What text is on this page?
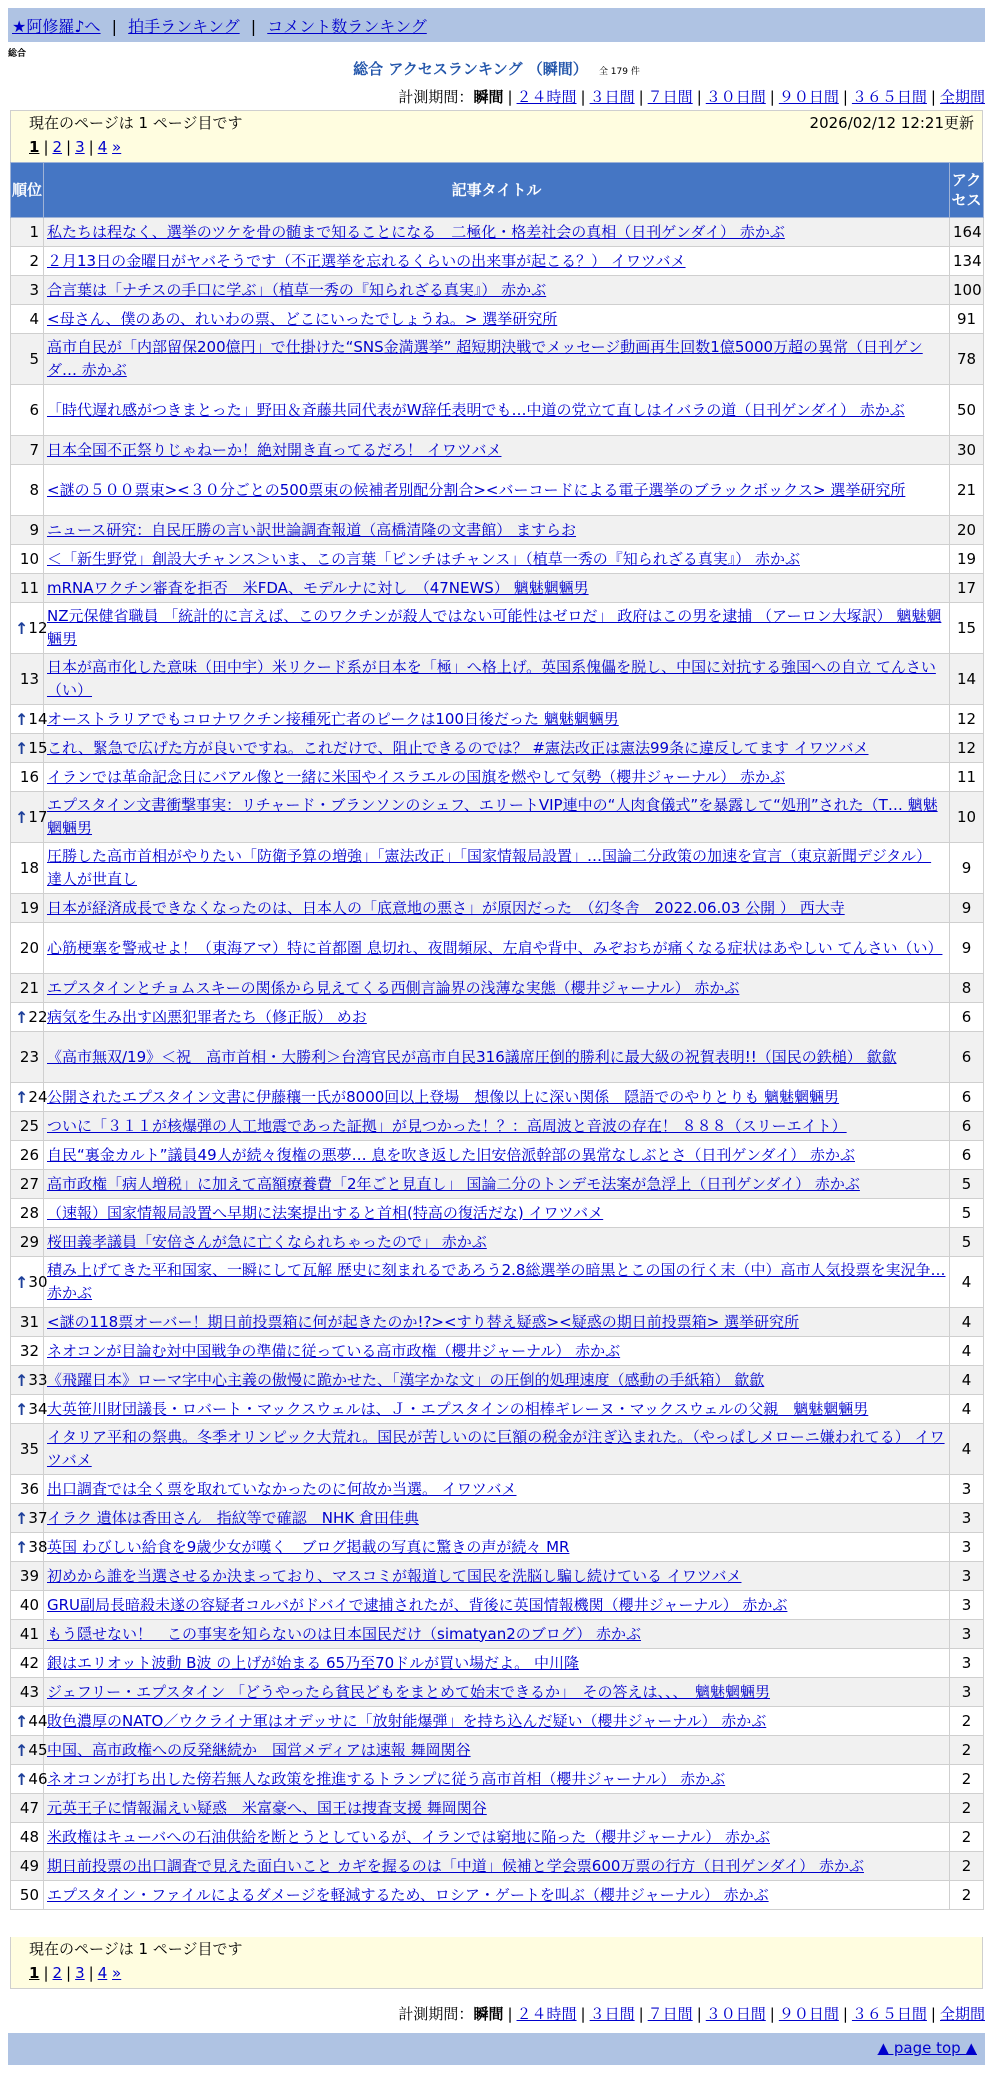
★阿修羅♪へ | 拍手ランキング | コメント数ランキング
総合
総合 アクセスランキング （瞬間） 全 179 件
計測期間：瞬間 | ２４時間 | ３日間 | ７日間 | ３０日間 | ９０日間 | ３６５日間 | 全期間
現在のページは 1 ページ目です	2026/02/12 12:21更新
1 | 2 | 3 | 4 »
順位	記事タイトル	アクセス
1	私たちは程なく、選挙のツケを骨の髄まで知ることになる　二極化・格差社会の真相（日刊ゲンダイ） 赤かぶ	164
2	２月13日の金曜日がヤバそうです（不正選挙を忘れるくらいの出来事が起こる？） イワツバメ	134
3	合言葉は「ナチスの手口に学ぶ」（植草一秀の『知られざる真実』） 赤かぶ	100
4	<母さん、僕のあの、れいわの票、どこにいったでしょうね。> 選挙研究所	91
5	高市自民が「内部留保200億円」で仕掛けた“SNS金満選挙” 超短期決戦でメッセージ動画再生回数1億5000万超の異常（日刊ゲンダ… 赤かぶ	78
6	「時代遅れ感がつきまとった」野田＆斉藤共同代表がW辞任表明でも…中道の党立て直しはイバラの道（日刊ゲンダイ） 赤かぶ	50
7	日本全国不正祭りじゃねーか！絶対開き直ってるだろ！ イワツバメ	30
8	<謎の５００票束><３０分ごとの500票束の候補者別配分割合><バーコードによる電子選挙のブラックボックス> 選挙研究所	21
9	ニュース研究：自民圧勝の言い訳世論調査報道（高橋清隆の文書館） ますらお	20
10	＜「新生野党」創設大チャンス＞いま、この言葉「ピンチはチャンス」（植草一秀の『知られざる真実』） 赤かぶ	19
11	mRNAワクチン審査を拒否　米FDA、モデルナに対し　（47NEWS） 魑魅魍魎男	17

↑ 12	NZ元保健省職員 「統計的に言えば、このワクチンが殺人ではない可能性はゼロだ」 政府はこの男を逮捕 （アーロン大塚訳） 魑魅魍魎男	15
13	日本が高市化した意味（田中宇）米リクード系が日本を「極」へ格上げ。英国系傀儡を脱し、中国に対抗する強国への自立 てんさい（い）	14

↑ 14	オーストラリアでもコロナワクチン接種死亡者のピークは100日後だった 魑魅魍魎男	12

↑ 15	これ、緊急で広げた方が良いですね。これだけで、阻止できるのでは？ #憲法改正は憲法99条に違反してます イワツバメ	12
16	イランでは革命記念日にバアル像と一緒に米国やイスラエルの国旗を燃やして気勢（櫻井ジャーナル） 赤かぶ	11

↑ 17	エプスタイン文書衝撃事実：リチャード・ブランソンのシェフ、エリートVIP連中の“人肉食儀式”を暴露して“処刑”された（T… 魑魅魍魎男	10
18	圧勝した高市首相がやりたい「防衛予算の増強」「憲法改正」「国家情報局設置」…国論二分政策の加速を宣言（東京新聞デジタル） 達人が世直し	9
19	日本が経済成長できなくなったのは、日本人の「底意地の悪さ」が原因だった　（幻冬舎　2022.06.03 公開 ） 西大寺	9
20	心筋梗塞を警戒せよ！（東海アマ）特に首都圏 息切れ、夜間頻尿、左肩や背中、みぞおちが痛くなる症状はあやしい てんさい（い）	9
21	エプスタインとチョムスキーの関係から見えてくる西側言論界の浅薄な実態（櫻井ジャーナル） 赤かぶ	8

↑ 22	病気を生み出す凶悪犯罪者たち（修正版） めお	6
23	《高市無双/19》＜祝　高市首相・大勝利＞台湾官民が高市自民316議席圧倒的勝利に最大級の祝賀表明!!（国民の鉄槌） 歙歙	6

↑ 24	公開されたエプスタイン文書に伊藤穰一氏が8000回以上登場　想像以上に深い関係　隠語でのやりとりも 魑魅魍魎男	6
25	ついに「３１１が核爆弾の人工地震であった証拠」が見つかった！？：高周波と音波の存在！ ８８８（スリーエイト）	6
26	自民“裏金カルト”議員49人が続々復権の悪夢… 息を吹き返した旧安倍派幹部の異常なしぶとさ（日刊ゲンダイ） 赤かぶ	6
27	高市政権「病人増税」に加えて高額療養費「2年ごと見直し」 国論二分のトンデモ法案が急浮上（日刊ゲンダイ） 赤かぶ	5
28	（速報）国家情報局設置へ早期に法案提出すると首相(特高の復活だな) イワツバメ	5
29	桜田義孝議員「安倍さんが急に亡くなられちゃったので」 赤かぶ	5

↑ 30	積み上げてきた平和国家、一瞬にして瓦解 歴史に刻まれるであろう2.8総選挙の暗黒とこの国の行く末（中）高市人気投票を実況争… 赤かぶ	4
31	<謎の118票オーバー！期日前投票箱に何が起きたのか!?><すり替え疑惑><疑惑の期日前投票箱> 選挙研究所	4
32	ネオコンが目論む対中国戦争の準備に従っている高市政権（櫻井ジャーナル） 赤かぶ	4

↑ 33	《飛躍日本》ローマ字中心主義の傲慢に跪かせた、「漢字かな文」の圧倒的処理速度（感動の手紙箱） 歙歙	4

↑ 34	大英笹川財団議長・ロバート・マックスウェルは、Ｊ・エプスタインの相棒ギレーヌ・マックスウェルの父親　魑魅魍魎男	4
35	イタリア平和の祭典。冬季オリンピック大荒れ。国民が苦しいのに巨額の税金が注ぎ込まれた。（やっぱしメローニ嫌われてる） イワツバメ	4
36	出口調査では全く票を取れていなかったのに何故か当選。 イワツバメ	3

↑ 37	イラク 遺体は香田さん　指紋等で確認　NHK 倉田佳典	3

↑ 38	英国 わびしい給食を9歳少女が嘆く　ブログ掲載の写真に驚きの声が続々 MR	3
39	初めから誰を当選させるか決まっており、マスコミが報道して国民を洗脳し騙し続けている イワツバメ	3
40	GRU副局長暗殺未遂の容疑者コルバがドバイで逮捕されたが、背後に英国情報機関（櫻井ジャーナル） 赤かぶ	3
41	もう隠せない！　この事実を知らないのは日本国民だけ（simatyan2のブログ） 赤かぶ	3
42	銀はエリオット波動 B波 の上げが始まる 65乃至70ドルが買い場だよ。 中川隆	3
43	ジェフリー・エプスタイン 「どうやったら貧民どもをまとめて始末できるか」　その答えは、、、　魑魅魍魎男	3

↑ 44	敗色濃厚のNATO／ウクライナ軍はオデッサに「放射能爆弾」を持ち込んだ疑い（櫻井ジャーナル） 赤かぶ	2

↑ 45	中国、高市政権への反発継続か　国営メディアは速報 舞岡関谷	2

↑ 46	ネオコンが打ち出した傍若無人な政策を推進するトランプに従う高市首相（櫻井ジャーナル） 赤かぶ	2
47	元英王子に情報漏えい疑惑　米富豪へ、国王は捜査支援 舞岡関谷	2
48	米政権はキューバへの石油供給を断とうとしているが、イランでは窮地に陥った（櫻井ジャーナル） 赤かぶ	2
49	期日前投票の出口調査で見えた面白いこと カギを握るのは「中道」候補と学会票600万票の行方（日刊ゲンダイ） 赤かぶ	2
50	エプスタイン・ファイルによるダメージを軽減するため、ロシア・ゲートを叫ぶ（櫻井ジャーナル） 赤かぶ	2
現在のページは 1 ページ目です
1 | 2 | 3 | 4 »
計測期間：瞬間 | ２４時間 | ３日間 | ７日間 | ３０日間 | ９０日間 | ３６５日間 | 全期間
▲ page top ▲
